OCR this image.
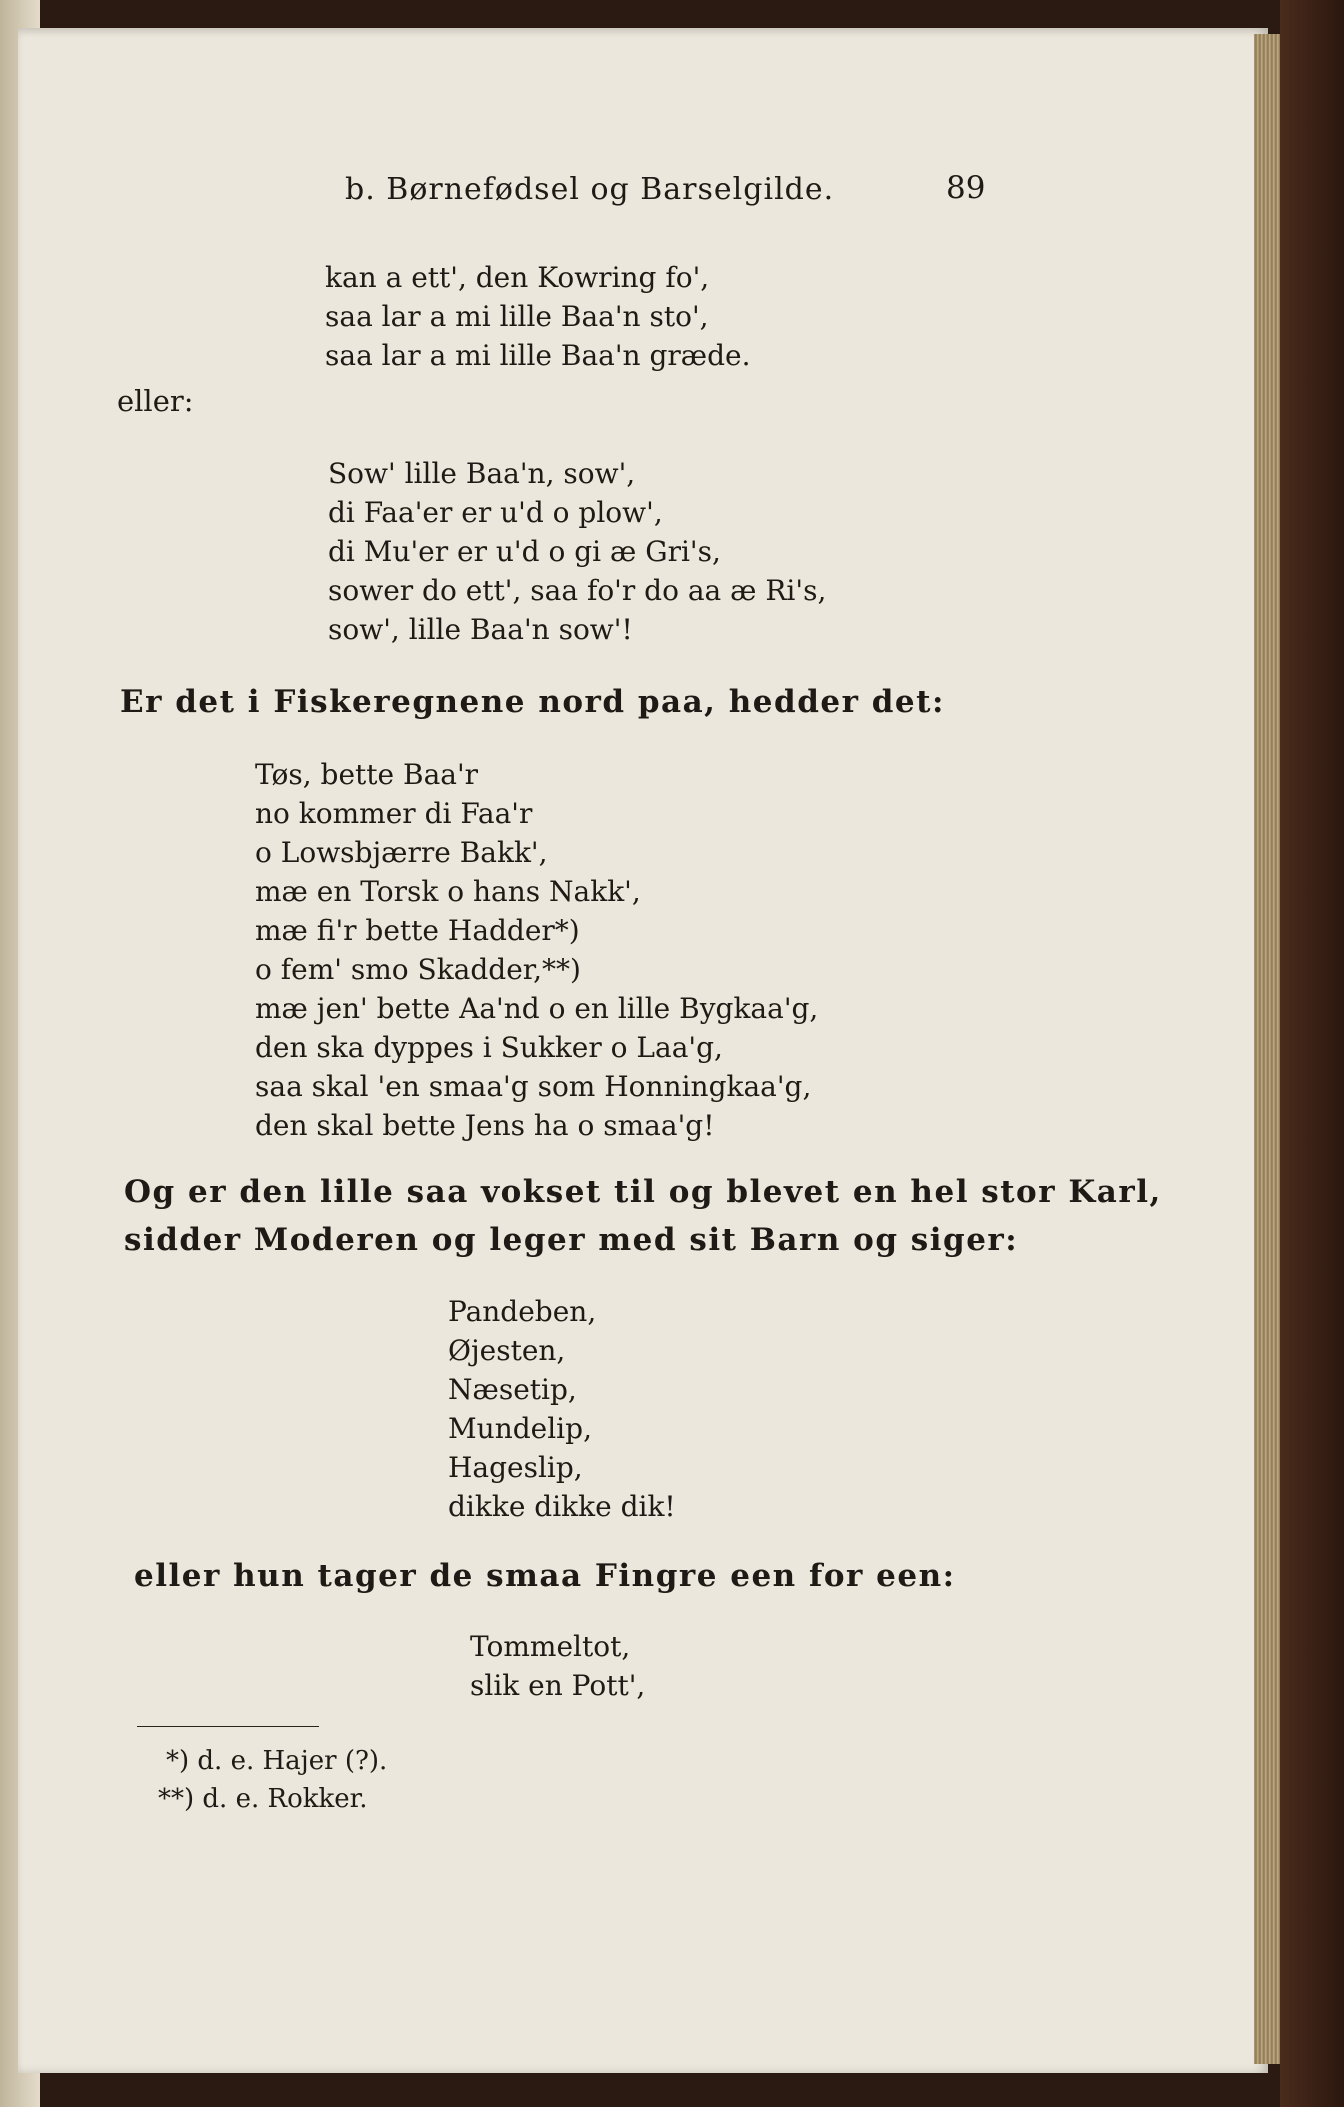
b. Børnefødsel og Barselgilde.	89

kan a ett', den Kowring fo',

saa lar a mi lille Baa'n sto',

saa lar a mi lille Baa'n græde.

eller:

Sow' lille Baa'n, sow',

di Faa'er er u'd o plow',

di Mu'er er u'd o gi æ Gri's,

sower do ett', saa fo'r do aa æ Ri's,

sow', lille Baa'n sow'!

Er det i Fiskeregnene nord paa, hedder det:

Tøs, bette Baa'r

no kommer di Faa'r

o Lowsbjærre Bakk',

mæ en Torsk o hans Nakk',

mæ fi'r bette Hadder*)

o fem' smo Skadder,**)

mæ jen' bette Aa'nd o en lille Bygkaa'g,

den ska dyppes i Sukker o Laa'g,

saa skal 'en smaa'g som Honningkaa'g,

den skal bette Jens ha o smaa'g!

Og er den lille saa vokset til og blevet en hel stor Karl,

sidder Moderen og leger med sit Barn og siger:

Pandeben,

Øjesten,

Næsetip,

Mundelip,

Hageslip,

dikke dikke dik!

eller hun tager de smaa Fingre een for een:

Tommeltot,

slik en Pott',

*) d. e. Hajer (?).

**) d. e. Rokker.
